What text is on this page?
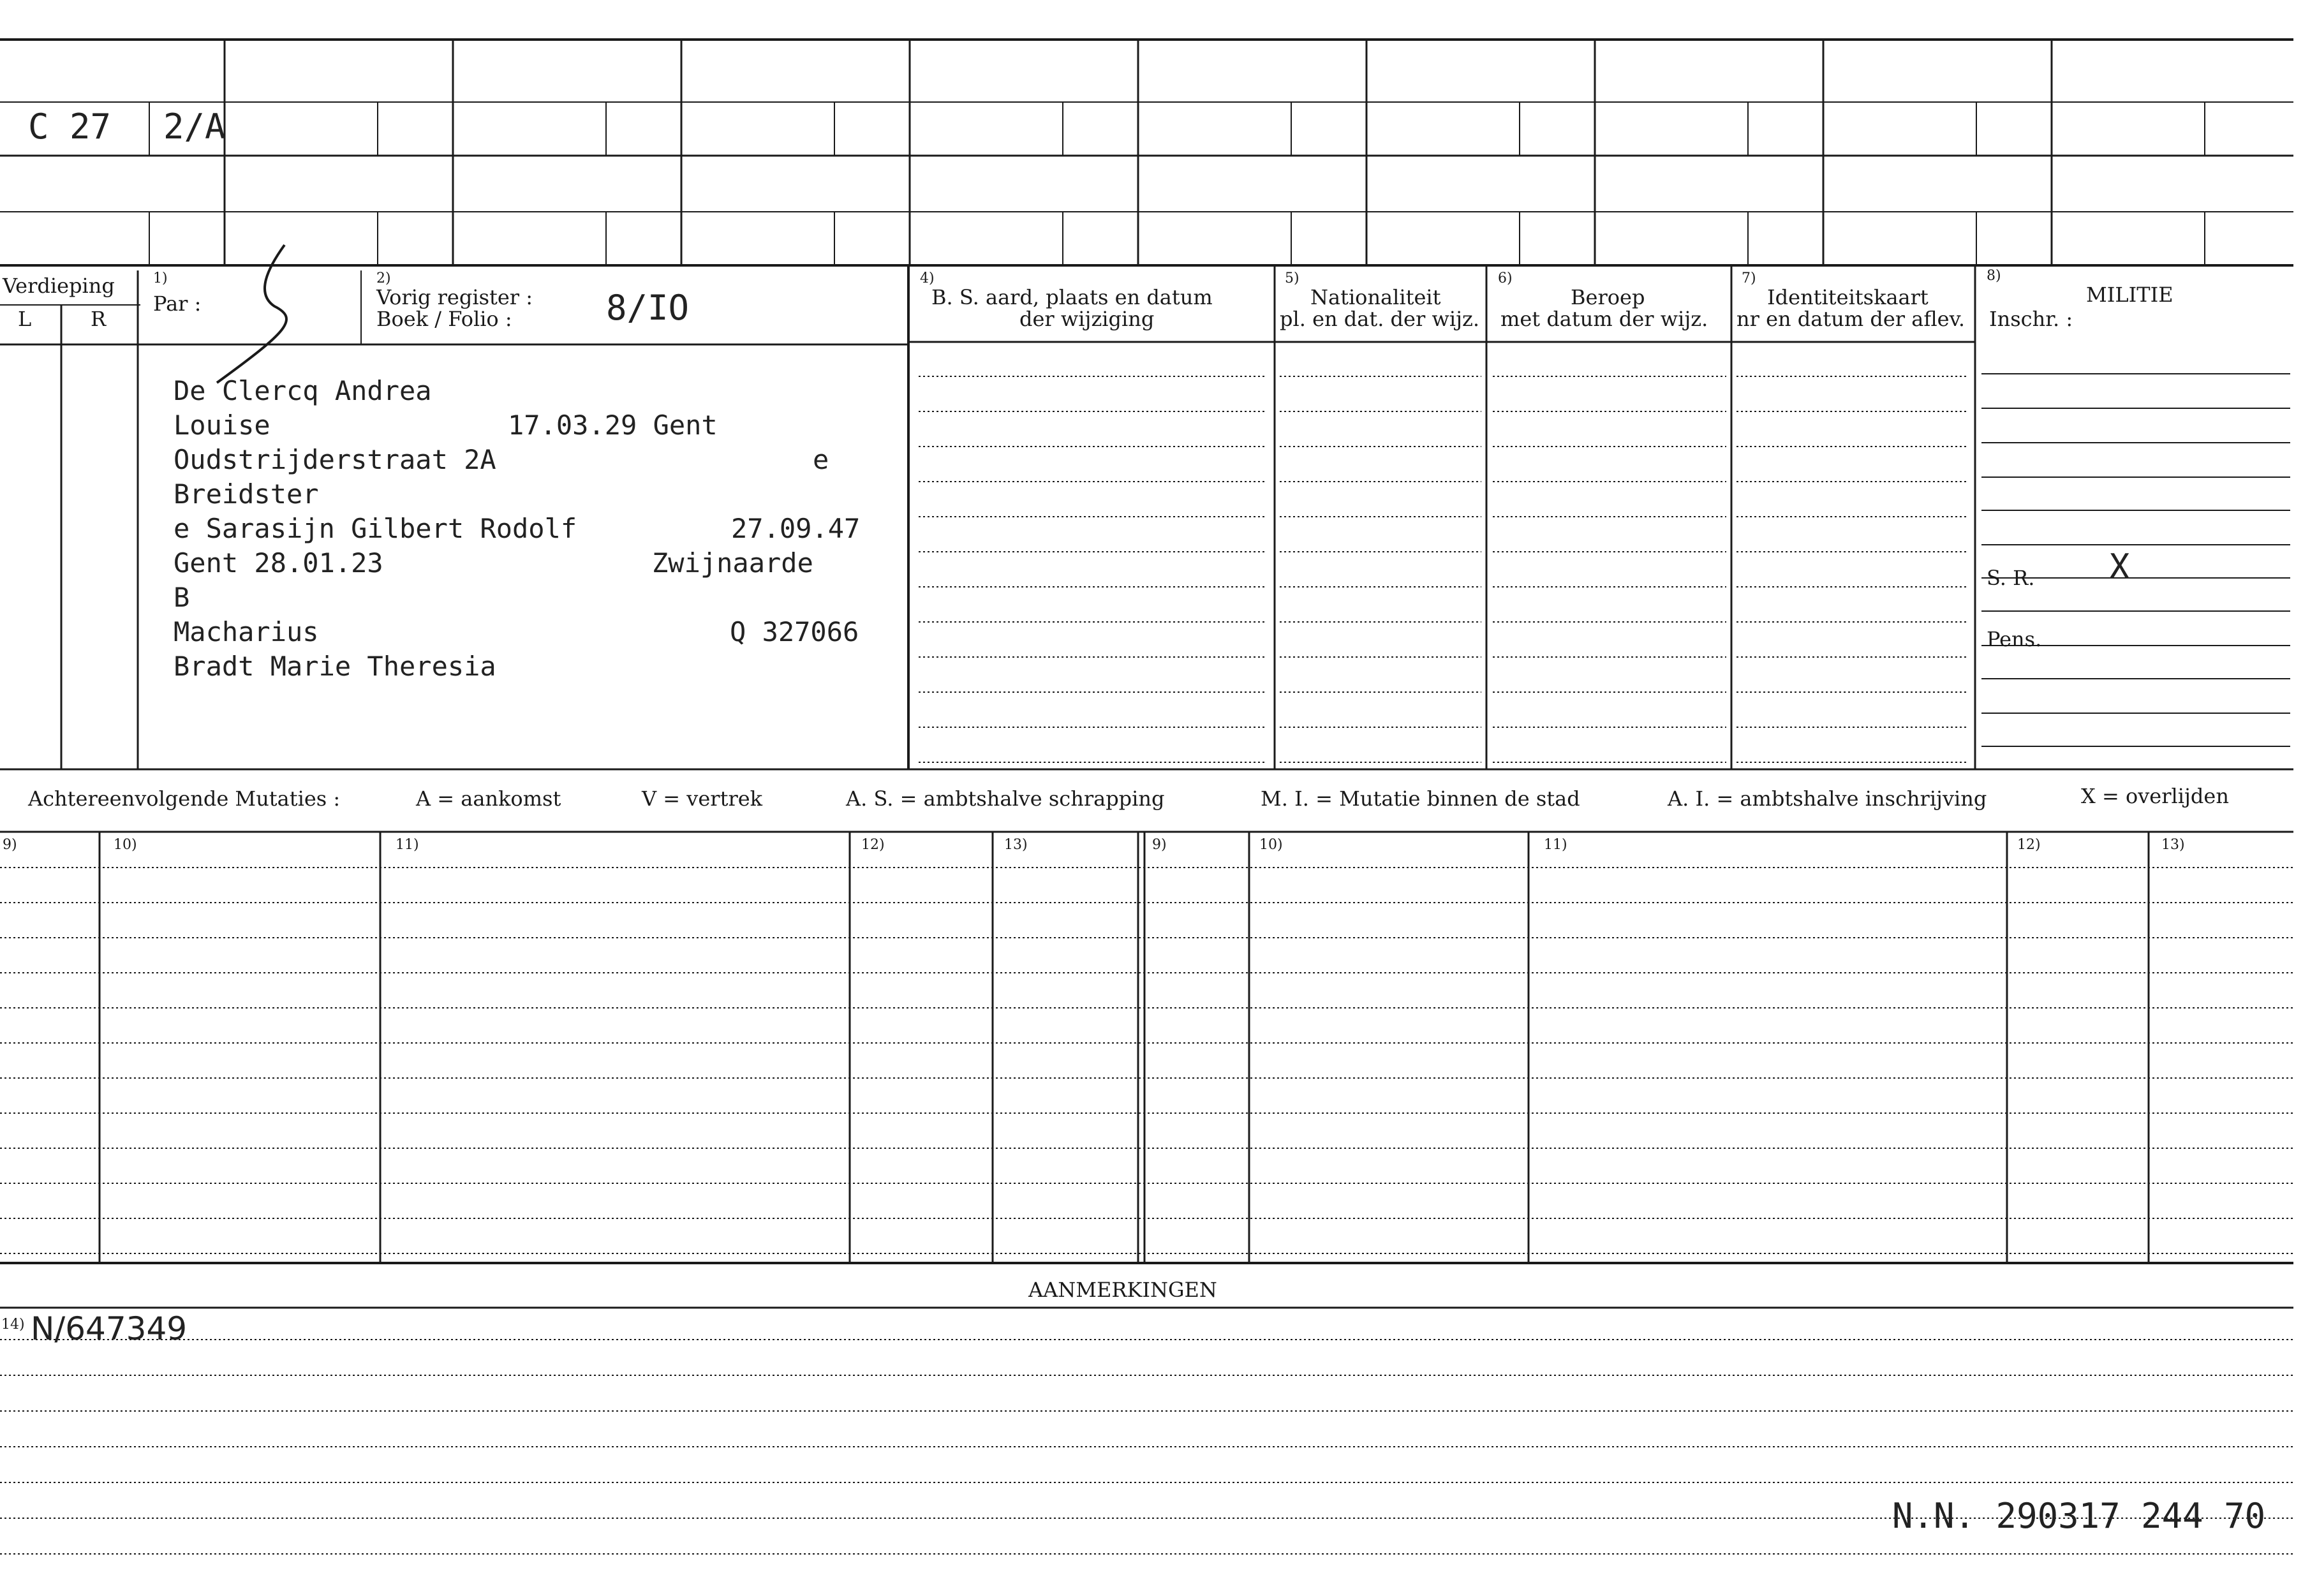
C 27 2/A
Verdieping
L	R
1)
Par :
2)
Vorig register :
Boek / Folio :	8/IO
4)
B. S. aard, plaats en datum
der wijziging
5)
Nationaliteit
pl. en dat. der wijz.
6)
Beroep
met datum der wijz.
7)
Identiteitskaart
nr en datum der aflev.
8)
MILITIE
Inschr. :
S. R. X
Pens.
De Clercq Andrea
Louise	17.03.29 Gent
Oudstrijderstraat 2A	e
Breidster
e Sarasijn Gilbert Rodolf	27.09.47
Gent 28.01.23	Zwijnaarde
B
Macharius	Q 327066
Bradt Marie Theresia
Achtereenvolgende Mutaties :	A = aankomst	V = vertrek	A. S. = ambtshalve schrapping	M. I. = Mutatie binnen de stad	A. I. = ambtshalve inschrijving	X = overlijden
9)	10)	11)	12)	13)	9)	10)	11)	12)	13)
AANMERKINGEN
14) N/647349
N.N. 290317 244 70
